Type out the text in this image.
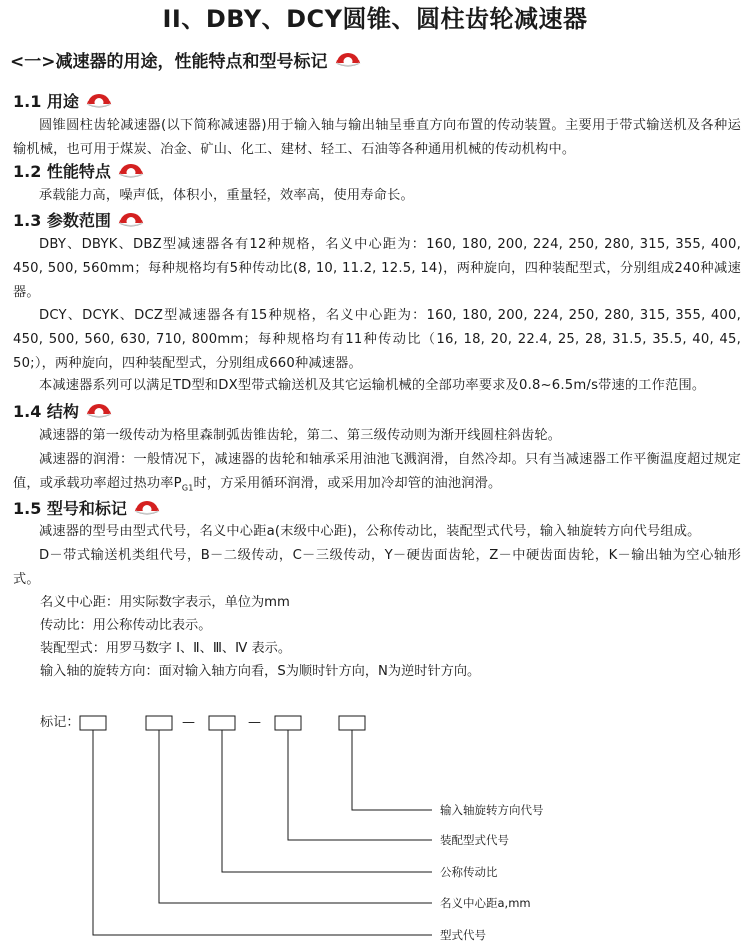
II、DBY、DCY圆锥、圆柱齿轮减速器
<一>减速器的用途，性能特点和型号标记
1.1 用途
圆锥圆柱齿轮减速器(以下简称减速器)用于输入轴与输出轴呈垂直方向布置的传动装置。主要用于带式输送机及各种运输机械，也可用于煤炭、冶金、矿山、化工、建材、轻工、石油等各种通用机械的传动机构中。
1.2 性能特点
承载能力高，噪声低，体积小，重量轻，效率高，使用寿命长。
1.3 参数范围
DBY、DBYK、DBZ型减速器各有12种规格，名义中心距为：160, 180, 200, 224, 250, 280, 315, 355, 400, 450, 500, 560mm；每种规格均有5种传动比(8, 10, 11.2, 12.5, 14)，两种旋向，四种装配型式，分别组成240种减速器。
DCY、DCYK、DCZ型减速器各有15种规格，名义中心距为：160, 180, 200, 224, 250, 280, 315, 355, 400, 450, 500, 560, 630, 710, 800mm；每种规格均有11种传动比（16, 18, 20, 22.4, 25, 28, 31.5, 35.5, 40, 45, 50;），两种旋向，四种装配型式，分别组成660种减速器。
本减速器系列可以满足TD型和DX型带式输送机及其它运输机械的全部功率要求及0.8~6.5m/s带速的工作范围。
1.4 结构
减速器的第一级传动为格里森制弧齿锥齿轮，第二、第三级传动则为渐开线圆柱斜齿轮。
减速器的润滑：一般情况下，减速器的齿轮和轴承采用油池飞溅润滑，自然冷却。只有当减速器工作平衡温度超过规定值，或承载功率超过热功率$P_{G1}$时，方采用循环润滑，或采用加冷却管的油池润滑。
1.5 型号和标记
减速器的型号由型式代号，名义中心距a(末级中心距)，公称传动比，装配型式代号，输入轴旋转方向代号组成。
D－带式输送机类组代号，B－二级传动，C－三级传动，Y－硬齿面齿轮，Z－中硬齿面齿轮，K－输出轴为空心轴形式。
名义中心距：用实际数字表示，单位为mm
传动比：用公称传动比表示。
装配型式：用罗马数字 Ⅰ、Ⅱ、Ⅲ、Ⅳ 表示。
输入轴的旋转方向：面对输入轴方向看，S为顺时针方向，N为逆时针方向。
标记：	—	—
输入轴旋转方向代号
装配型式代号
公称传动比
名义中心距a,mm
型式代号
